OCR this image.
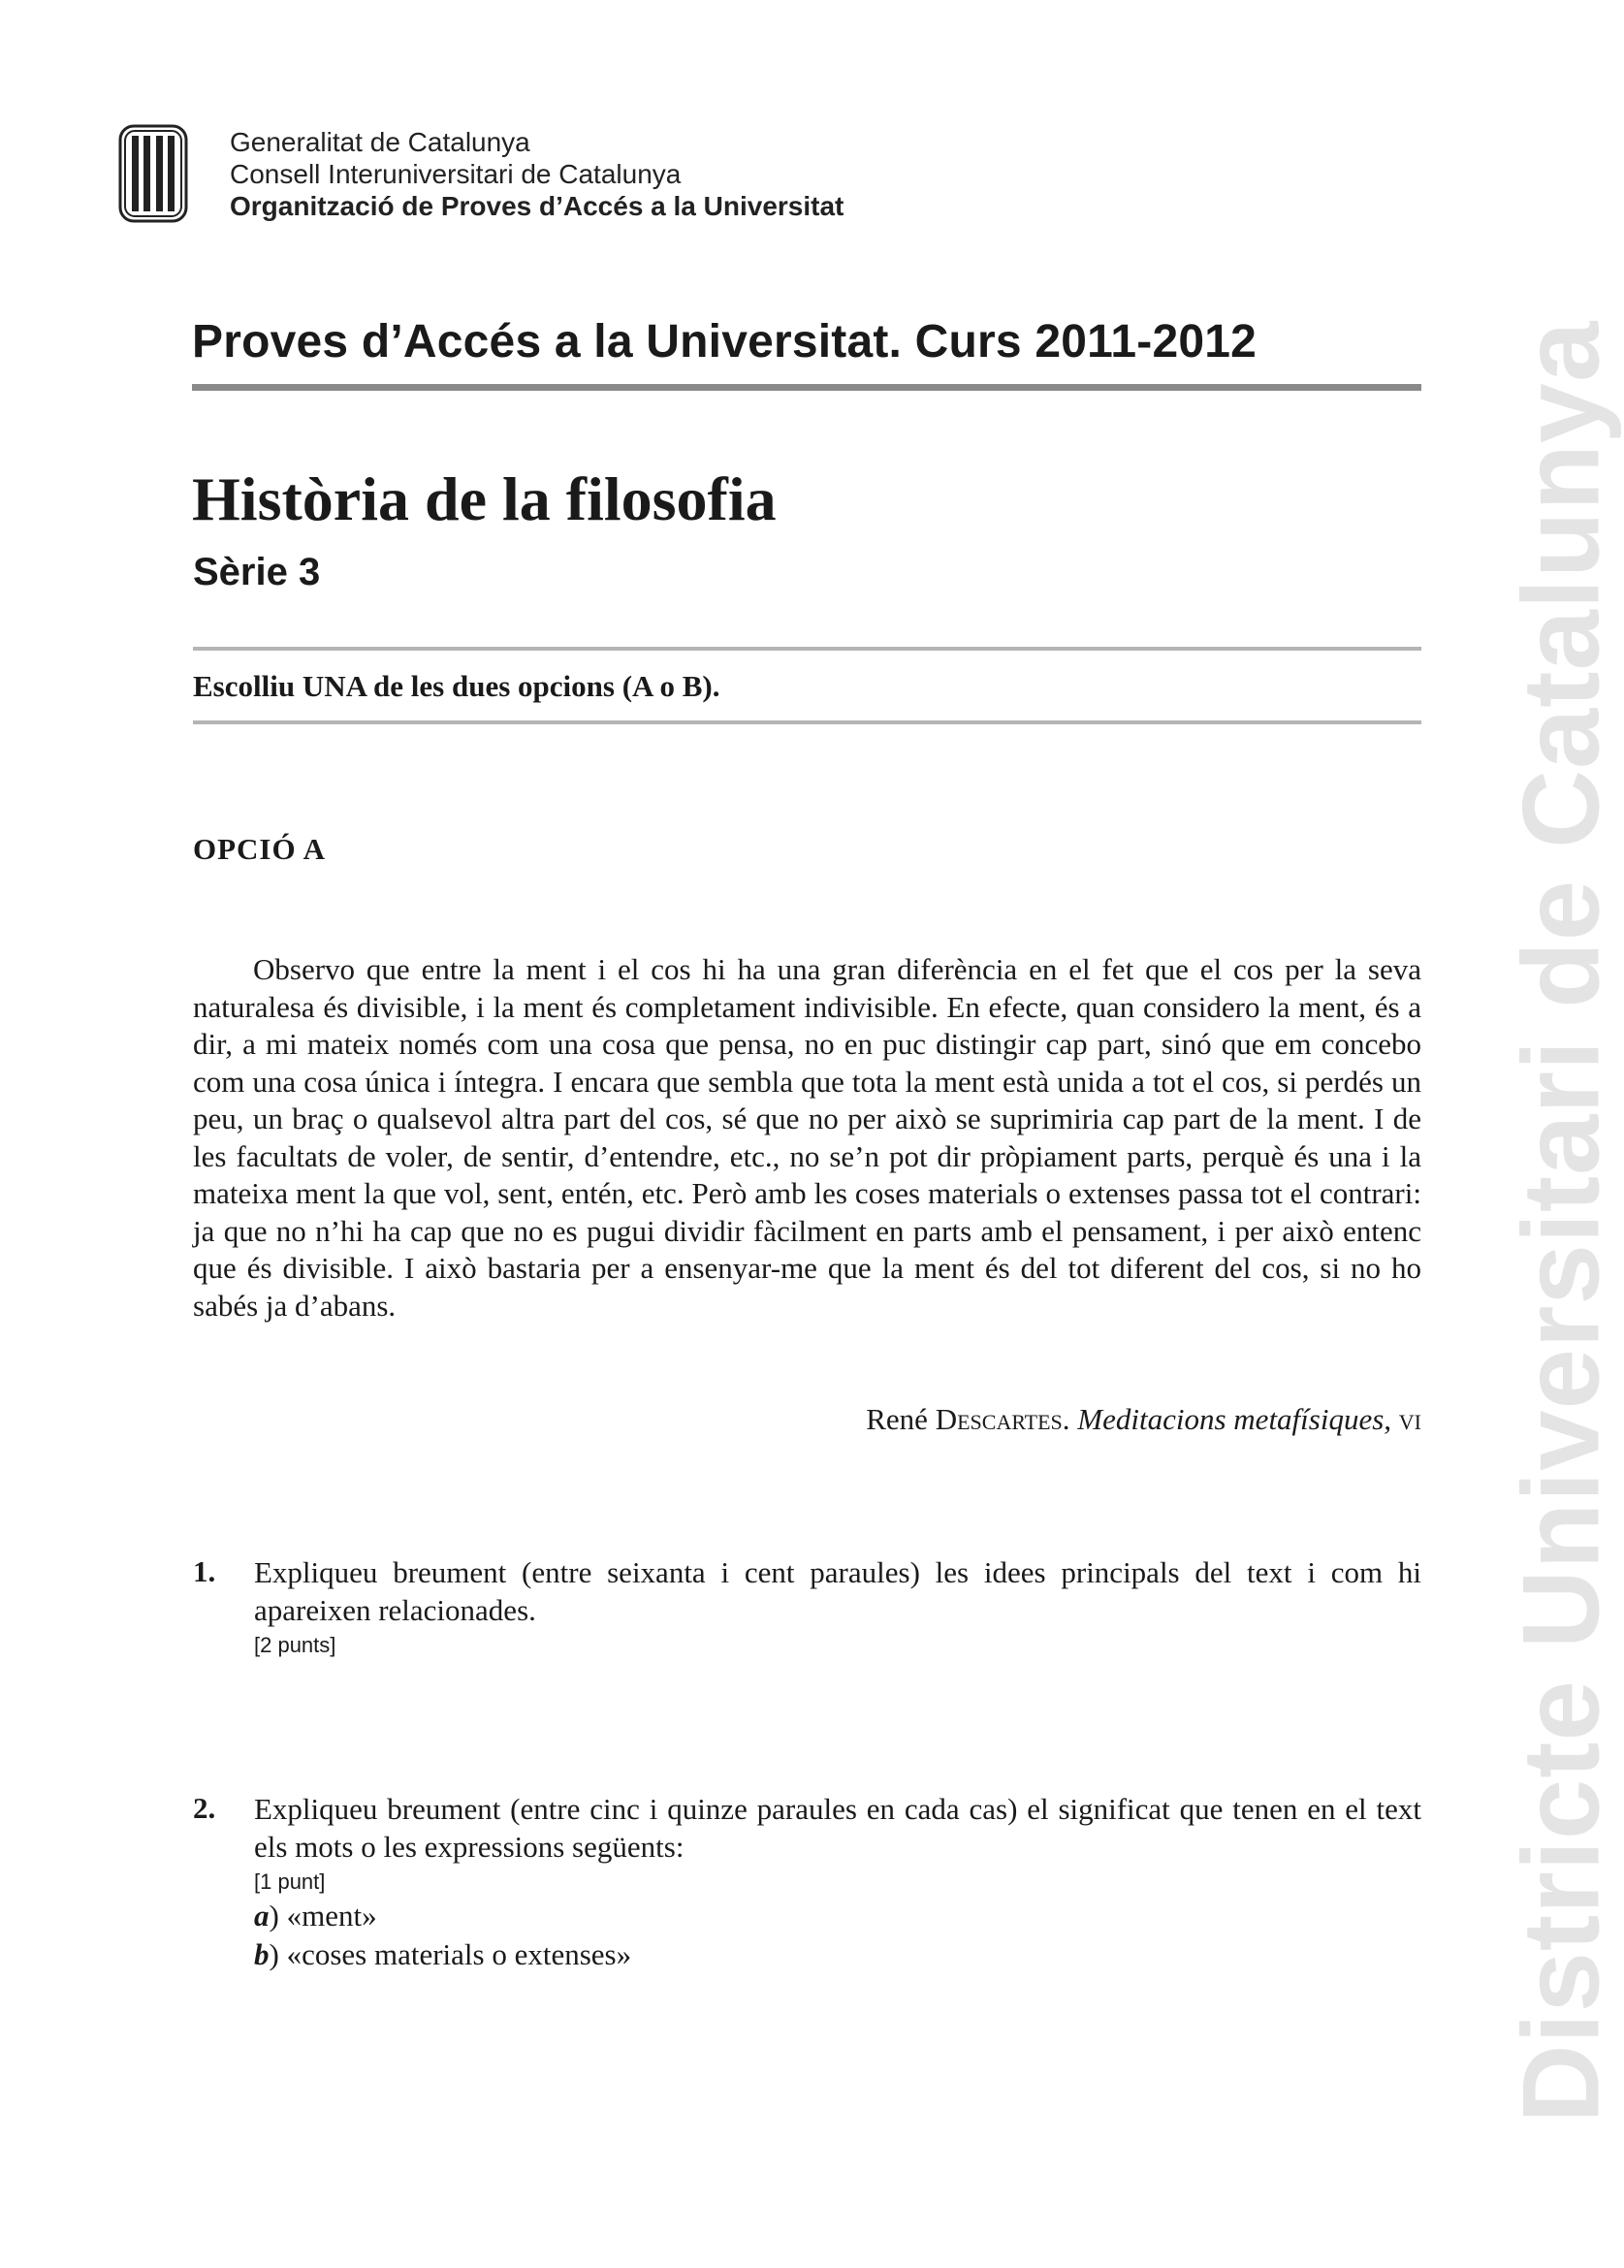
Generalitat de Catalunya
Consell Interuniversitari de Catalunya
Organització de Proves d’Accés a la Universitat
Proves d’Accés a la Universitat. Curs 2011-2012
Història de la filosofia
Sèrie 3
Escolliu UNA de les dues opcions (A o B).
OPCIÓ A

Observo que entre la ment i el cos hi ha una gran diferència en el fet que el cos per la seva naturalesa és divisible, i la ment és completament indivisible. En efecte, quan considero la ment, és a dir, a mi mateix només com una cosa que pensa, no en puc distingir cap part, sinó que em concebo com una cosa única i íntegra. I encara que sembla que tota la ment està unida a tot el cos, si perdés un peu, un braç o qualsevol altra part del cos, sé que no per això se suprimiria cap part de la ment. I de les facultats de voler, de sentir, d’entendre, etc., no se’n pot dir pròpiament parts, perquè és una i la mateixa ment la que vol, sent, entén, etc. Però amb les coses materials o extenses passa tot el contrari: ja que no n’hi ha cap que no es pugui dividir fàcilment en parts amb el pensament, i per això entenc que és divisible. I això bastaria per a ensenyar-me que la ment és del tot diferent del cos, si no ho sabés ja d’abans.

René Descartes. Meditacions metafísiques, vi
1. Expliqueu breument (entre seixanta i cent paraules) les idees principals del text i com hi apareixen relacionades.
[2 punts]
2. Expliqueu breument (entre cinc i quinze paraules en cada cas) el significat que tenen en el text els mots o les expressions següents:
[1 punt]
a) «ment»
b) «coses materials o extenses»	Districte Universitari de Catalunya
